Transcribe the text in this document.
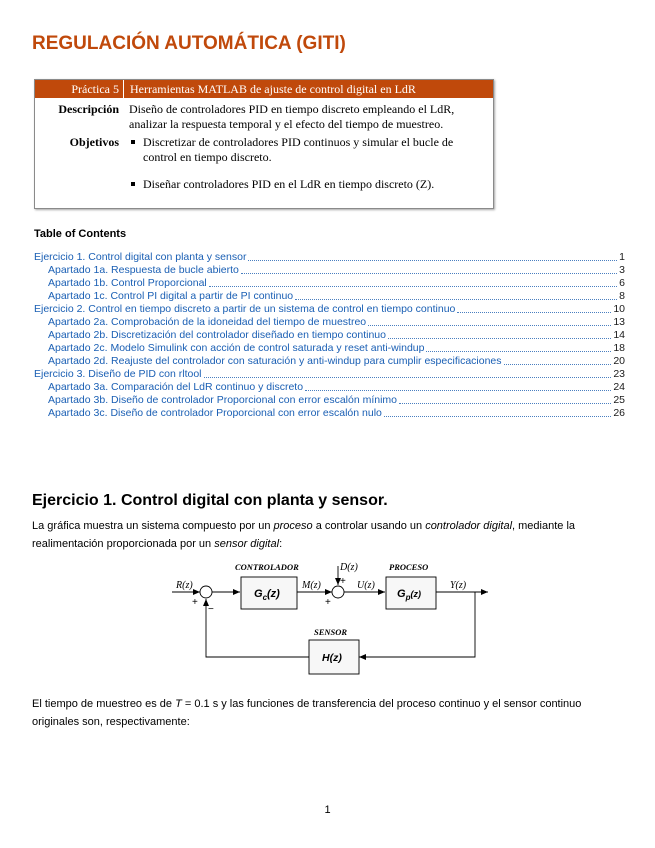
REGULACIÓN AUTOMÁTICA (GITI)
Práctica 5 Herramientas MATLAB de ajuste de control digital en LdR
Descripción Diseño de controladores PID en tiempo discreto empleando el LdR, analizar la respuesta temporal y el efecto del tiempo de muestreo.
Objetivos	Discretizar de controladores PID continuos y simular el bucle de control en tiempo discreto.
Diseñar controladores PID en el LdR en tiempo discreto (Z).
Table of Contents
Ejercicio 1. Control digital con planta y sensor	1
Apartado 1a. Respuesta de bucle abierto	3
Apartado 1b. Control Proporcional	6
Apartado 1c. Control PI digital a partir de PI continuo	8
Ejercicio 2. Control en tiempo discreto a partir de un sistema de control en tiempo continuo	10
Apartado 2a. Comprobación de la idoneidad del tiempo de muestreo	13
Apartado 2b. Discretización del controlador diseñado en tiempo continuo	14
Apartado 2c. Modelo Simulink con acción de control saturada y reset anti-windup	18
Apartado 2d. Reajuste del controlador con saturación y anti-windup para cumplir especificaciones	20
Ejercicio 3. Diseño de PID con rltool	23
Apartado 3a. Comparación del LdR continuo y discreto	24
Apartado 3b. Diseño de controlador Proporcional con error escalón mínimo	25
Apartado 3c. Diseño de controlador Proporcional con error escalón nulo	26
Ejercicio 1. Control digital con planta y sensor.

La gráfica muestra un sistema compuesto por un proceso a controlar usando un controlador digital, mediante la realimentación proporcionada por un sensor digital:

CONTROLADOR	PROCESO
SENSOR
R(z)	M(z)
D(z)
U(z)	Y(z)
+
−
+
+
$G_c(z)$	$G_p^{(z)}$
H(z)

El tiempo de muestreo es de T = 0.1 s y las funciones de transferencia del proceso continuo y el sensor continuo originales son, respectivamente:

1
